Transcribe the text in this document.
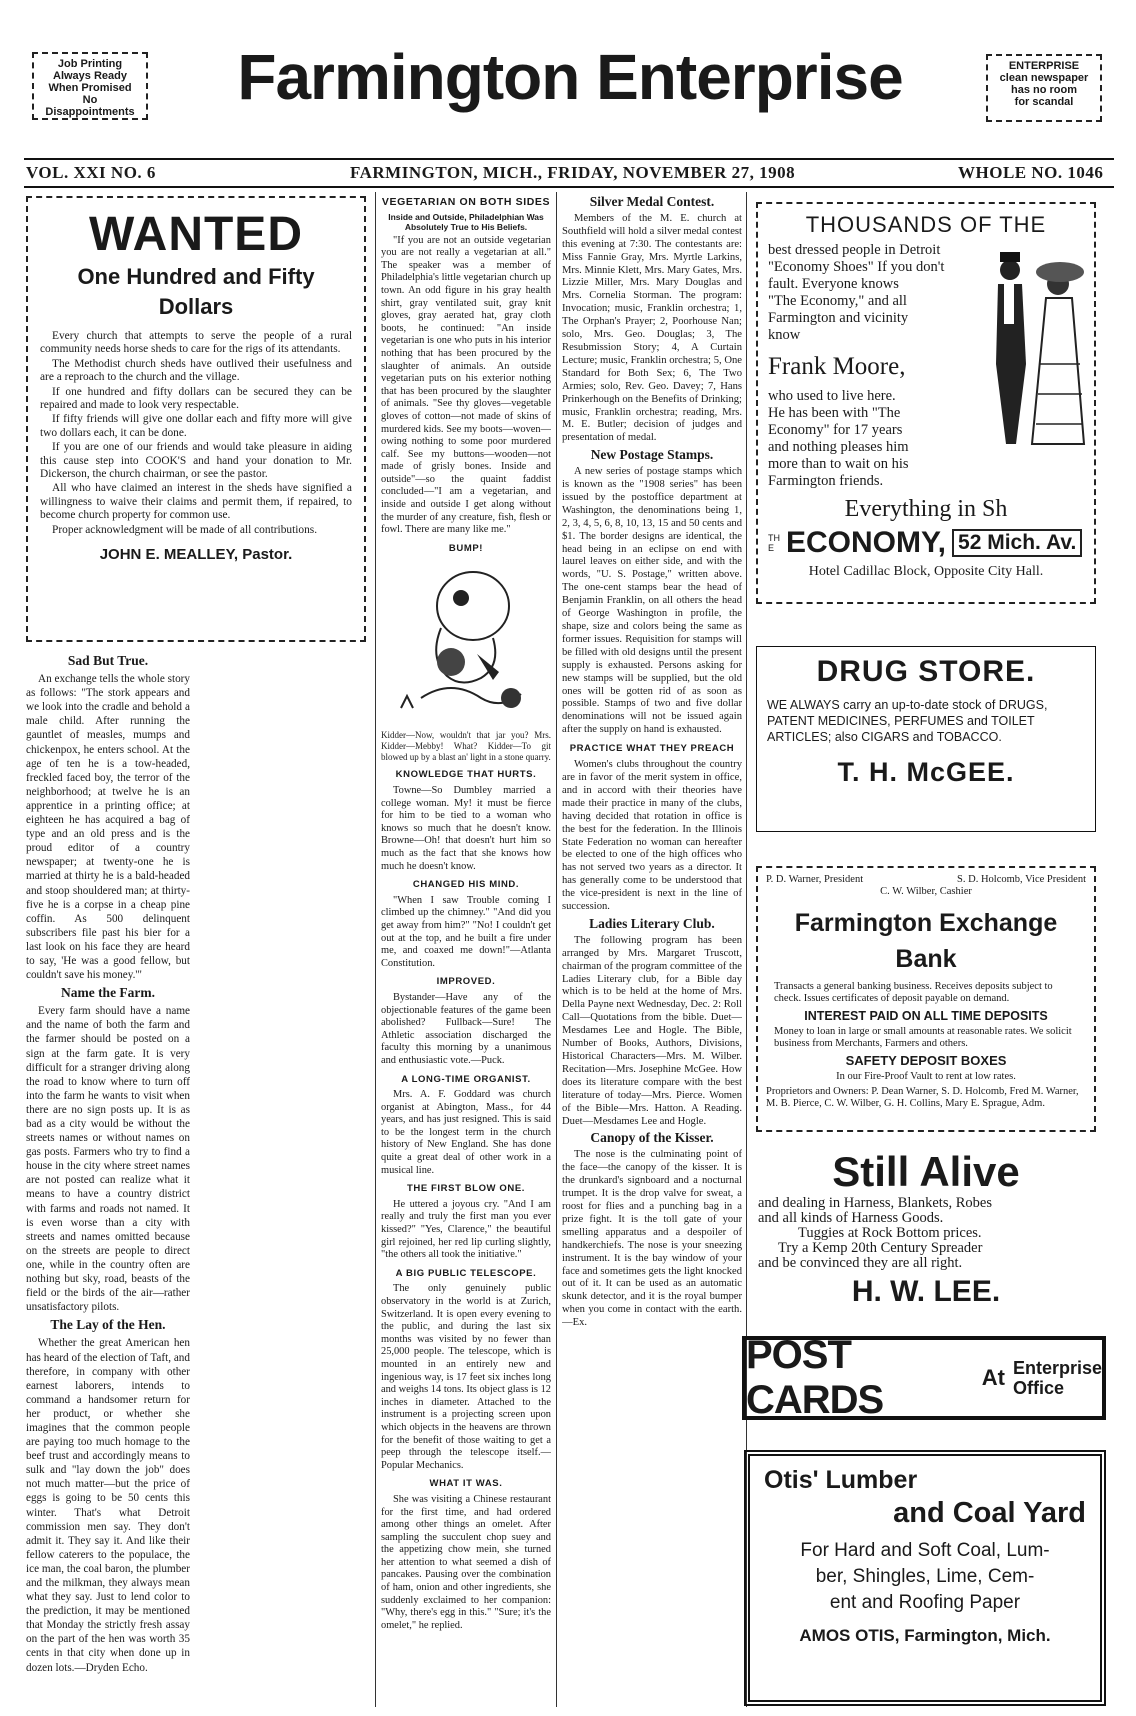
Job Printing
Always Ready
When Promised
No Disappointments	Farmington Enterprise	ENTERPRISE
clean newspaper
has no room
for scandal
VOL. XXI NO. 6	FARMINGTON, MICH., FRIDAY, NOVEMBER 27, 1908	WHOLE NO. 1046
WANTED
One Hundred and Fifty Dollars

Every church that attempts to serve the people of a rural community needs horse sheds to care for the rigs of its attendants.

The Methodist church sheds have outlived their usefulness and are a reproach to the church and the village.

If one hundred and fifty dollars can be secured they can be repaired and made to look very respectable.

If fifty friends will give one dollar each and fifty more will give two dollars each, it can be done.

If you are one of our friends and would take pleasure in aiding this cause step into COOK'S and hand your donation to Mr. Dickerson, the church chairman, or see the pastor.

All who have claimed an interest in the sheds have signified a willingness to waive their claims and permit them, if repaired, to become church property for common use.

Proper acknowledgment will be made of all contributions.

JOHN E. MEALLEY, Pastor.
Sad But True.

An exchange tells the whole story as follows: "The stork appears and we look into the cradle and behold a male child. After running the gauntlet of measles, mumps and chickenpox, he enters school. At the age of ten he is a tow-headed, freckled faced boy, the terror of the neighborhood; at twelve he is an apprentice in a printing office; at eighteen he has acquired a bag of type and an old press and is the proud editor of a country newspaper; at twenty-one he is married at thirty he is a bald-headed and stoop shouldered man; at thirty-five he is a corpse in a cheap pine coffin. As 500 delinquent subscribers file past his bier for a last look on his face they are heard to say, 'He was a good fellow, but couldn't save his money.'"

Name the Farm.

Every farm should have a name and the name of both the farm and the farmer should be posted on a sign at the farm gate. It is very difficult for a stranger driving along the road to know where to turn off into the farm he wants to visit when there are no sign posts up. It is as bad as a city would be without the streets names or without names on gas posts. Farmers who try to find a house in the city where street names are not posted can realize what it means to have a country district with farms and roads not named. It is even worse than a city with streets and names omitted because on the streets are people to direct one, while in the country often are nothing but sky, road, beasts of the field or the birds of the air—rather unsatisfactory pilots.

The Lay of the Hen.

Whether the great American hen has heard of the election of Taft, and therefore, in company with other earnest laborers, intends to command a handsomer return for her product, or whether she imagines that the common people are paying too much homage to the beef trust and accordingly means to sulk and "lay down the job" does not much matter—but the price of eggs is going to be 50 cents this winter. That's what Detroit commission men say. They don't admit it. They say it. And like their fellow caterers to the populace, the ice man, the coal baron, the plumber and the milkman, they always mean what they say. Just to lend color to the prediction, it may be mentioned that Monday the strictly fresh assay on the part of the hen was worth 35 cents in that city when done up in dozen lots.—Dryden Echo.

VEGETARIAN ON BOTH SIDES
Inside and Outside, Philadelphian Was Absolutely True to His Beliefs.

"If you are not an outside vegetarian you are not really a vegetarian at all." The speaker was a member of Philadelphia's little vegetarian church up town. An odd figure in his gray health shirt, gray ventilated suit, gray knit gloves, gray aerated hat, gray cloth boots, he continued: "An inside vegetarian is one who puts in his interior nothing that has been procured by the slaughter of animals. An outside vegetarian puts on his exterior nothing that has been procured by the slaughter of animals. "See thy gloves—vegetable gloves of cotton—not made of skins of murdered kids. See my boots—woven—owing nothing to some poor murdered calf. See my buttons—wooden—not made of grisly bones. Inside and outside"—so the quaint faddist concluded—"I am a vegetarian, and inside and outside I get along without the murder of any creature, fish, flesh or fowl. There are many like me."

BUMP!

Kidder—Now, wouldn't that jar you? Mrs. Kidder—Mebby! What? Kidder—To git blowed up by a blast an' light in a stone quarry.

KNOWLEDGE THAT HURTS.

Towne—So Dumbley married a college woman. My! it must be fierce for him to be tied to a woman who knows so much that he doesn't know. Browne—Oh! that doesn't hurt him so much as the fact that she knows how much he doesn't know.

CHANGED HIS MIND.

"When I saw Trouble coming I climbed up the chimney." "And did you get away from him?" "No! I couldn't get out at the top, and he built a fire under me, and coaxed me down!"—Atlanta Constitution.

IMPROVED.

Bystander—Have any of the objectionable features of the game been abolished? Fullback—Sure! The Athletic association discharged the faculty this morning by a unanimous and enthusiastic vote.—Puck.

A LONG-TIME ORGANIST.

Mrs. A. F. Goddard was church organist at Abington, Mass., for 44 years, and has just resigned. This is said to be the longest term in the church history of New England. She has done quite a great deal of other work in a musical line.

THE FIRST BLOW ONE.

He uttered a joyous cry. "And I am really and truly the first man you ever kissed?" "Yes, Clarence," the beautiful girl rejoined, her red lip curling slightly, "the others all took the initiative."

A BIG PUBLIC TELESCOPE.

The only genuinely public observatory in the world is at Zurich, Switzerland. It is open every evening to the public, and during the last six months was visited by no fewer than 25,000 people. The telescope, which is mounted in an entirely new and ingenious way, is 17 feet six inches long and weighs 14 tons. Its object glass is 12 inches in diameter. Attached to the instrument is a projecting screen upon which objects in the heavens are thrown for the benefit of those waiting to get a peep through the telescope itself.—Popular Mechanics.

WHAT IT WAS.

She was visiting a Chinese restaurant for the first time, and had ordered among other things an omelet. After sampling the succulent chop suey and the appetizing chow mein, she turned her attention to what seemed a dish of pancakes. Pausing over the combination of ham, onion and other ingredients, she suddenly exclaimed to her companion: "Why, there's egg in this." "Sure; it's the omelet," he replied.

Silver Medal Contest.

Members of the M. E. church at Southfield will hold a silver medal contest this evening at 7:30. The contestants are: Miss Fannie Gray, Mrs. Myrtle Larkins, Mrs. Minnie Klett, Mrs. Mary Gates, Mrs. Lizzie Miller, Mrs. Mary Douglas and Mrs. Cornelia Storman. The program: Invocation; music, Franklin orchestra; 1, The Orphan's Prayer; 2, Poorhouse Nan; solo, Mrs. Geo. Douglas; 3, The Resubmission Story; 4, A Curtain Lecture; music, Franklin orchestra; 5, One Standard for Both Sex; 6, The Two Armies; solo, Rev. Geo. Davey; 7, Hans Prinkerhough on the Benefits of Drinking; music, Franklin orchestra; reading, Mrs. M. E. Butler; decision of judges and presentation of medal.

New Postage Stamps.

A new series of postage stamps which is known as the "1908 series" has been issued by the postoffice department at Washington, the denominations being 1, 2, 3, 4, 5, 6, 8, 10, 13, 15 and 50 cents and $1. The border designs are identical, the head being in an eclipse on end with laurel leaves on either side, and with the words, "U. S. Postage," written above. The one-cent stamps bear the head of Benjamin Franklin, on all others the head of George Washington in profile, the shape, size and colors being the same as former issues. Requisition for stamps will be filled with old designs until the present supply is exhausted. Persons asking for new stamps will be supplied, but the old ones will be gotten rid of as soon as possible. Stamps of two and five dollar denominations will not be issued again after the supply on hand is exhausted.

PRACTICE WHAT THEY PREACH

Women's clubs throughout the country are in favor of the merit system in office, and in accord with their theories have made their practice in many of the clubs, having decided that rotation in office is the best for the federation. In the Illinois State Federation no woman can hereafter be elected to one of the high offices who has not served two years as a director. It has generally come to be understood that the vice-president is next in the line of succession.

Ladies Literary Club.

The following program has been arranged by Mrs. Margaret Truscott, chairman of the program committee of the Ladies Literary club, for a Bible day which is to be held at the home of Mrs. Della Payne next Wednesday, Dec. 2: Roll Call—Quotations from the bible. Duet—Mesdames Lee and Hogle. The Bible, Number of Books, Authors, Divisions, Historical Characters—Mrs. M. Wilber. Recitation—Mrs. Josephine McGee. How does its literature compare with the best literature of today—Mrs. Pierce. Women of the Bible—Mrs. Hatton. A Reading. Duet—Mesdames Lee and Hogle.

Canopy of the Kisser.

The nose is the culminating point of the face—the canopy of the kisser. It is the drunkard's signboard and a nocturnal trumpet. It is the drop valve for sweat, a roost for flies and a punching bag in a prize fight. It is the toll gate of your smelling apparatus and a despoiler of handkerchiefs. The nose is your sneezing instrument. It is the bay window of your face and sometimes gets the light knocked out of it. It can be used as an automatic skunk detector, and it is the royal bumper when you come in contact with the earth.—Ex.

THOUSANDS OF THE
best dressed people in Detroit
"Economy Shoes" If you don't
fault. Everyone knows
"The Economy," and all
Farmington and vicinity
know
Frank Moore,
who used to live here.
He has been with "The
Economy" for 17 years
and nothing pleases him
more than to wait on his
Farmington friends.
Everything in Sh
THE ECONOMY, 52 Mich. Av.
Hotel Cadillac Block, Opposite City Hall.
DRUG STORE.
WE ALWAYS carry an up-to-date stock of DRUGS, PATENT MEDICINES, PERFUMES and TOILET ARTICLES; also CIGARS and TOBACCO.
T. H. McGEE.
P. D. Warner, President	S. D. Holcomb, Vice President
C. W. Wilber, Cashier
Farmington Exchange Bank
Transacts a general banking business. Receives deposits subject to check. Issues certificates of deposit payable on demand.
INTEREST PAID ON ALL TIME DEPOSITS
Money to loan in large or small amounts at reasonable rates. We solicit business from Merchants, Farmers and others.
SAFETY DEPOSIT BOXES
In our Fire-Proof Vault to rent at low rates.
Proprietors and Owners: P. Dean Warner, S. D. Holcomb, Fred M. Warner, M. B. Pierce, C. W. Wilber, G. H. Collins, Mary E. Sprague, Adm.
Still Alive
and dealing in Harness, Blankets, Robes
and all kinds of Harness Goods.
Tuggies at Rock Bottom prices.
Try a Kemp 20th Century Spreader
and be convinced they are all right.
H. W. LEE.
POST CARDS
At Enterprise
Office
Otis' Lumber
and Coal Yard
For Hard and Soft Coal, Lum-
ber, Shingles, Lime, Cem-
ent and Roofing Paper
AMOS OTIS, Farmington, Mich.
